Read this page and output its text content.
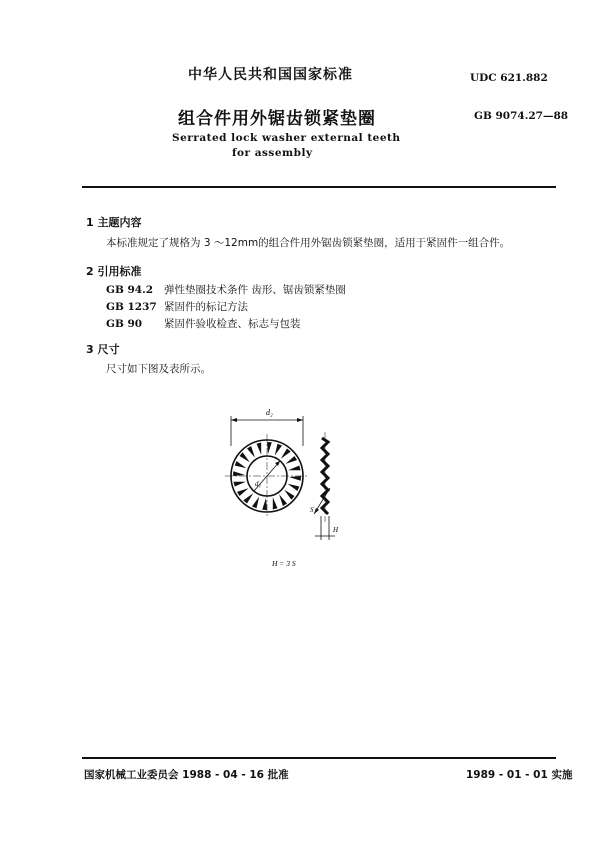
中华人民共和国国家标准	UDC 621.882
组合件用外锯齿锁紧垫圈	GB 9074.27—88
Serrated lock washer external teeth
for assembly
1 主题内容
本标准规定了规格为 3 ～12mm的组合件用外锯齿锁紧垫圈，适用于紧固件一组合件。
2 引用标准
GB 94.2 弹性垫圈技术条件 齿形、锯齿锁紧垫圈
GB 1237 紧固件的标记方法
GB 90 紧固件验收检查、标志与包装
3 尺寸
尺寸如下图及表所示。
d₂
d₁
S
H
H = 3 S
国家机械工业委员会 1988 - 04 - 16 批准	1989 - 01 - 01 实施
